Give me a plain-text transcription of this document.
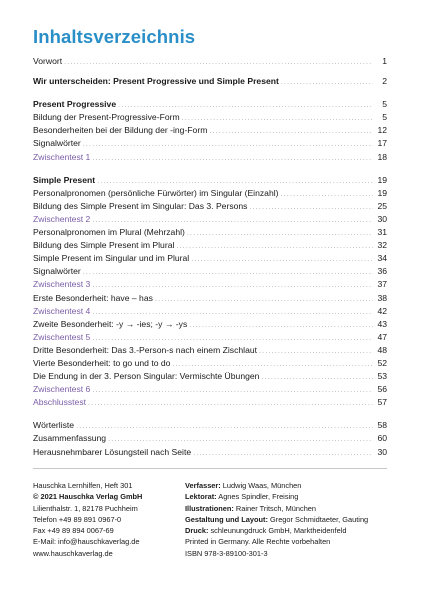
Inhaltsverzeichnis
Vorwort .....	1
Wir unterscheiden: Present Progressive und Simple Present .....	2
Present Progressive .....	5
Bildung der Present-Progressive-Form .....	5
Besonderheiten bei der Bildung der -ing-Form .....	12
Signalwörter .....	17
Zwischentest 1 .....	18
Simple Present .....	19
Personalpronomen (persönliche Fürwörter) im Singular (Einzahl) .....	19
Bildung des Simple Present im Singular: Das 3. Persons .....	25
Zwischentest 2 .....	30
Personalpronomen im Plural (Mehrzahl) .....	31
Bildung des Simple Present im Plural .....	32
Simple Present im Singular und im Plural .....	34
Signalwörter .....	36
Zwischentest 3 .....	37
Erste Besonderheit: have – has .....	38
Zwischentest 4 .....	42
Zweite Besonderheit: -y → -ies; -y → -ys .....	43
Zwischentest 5 .....	47
Dritte Besonderheit: Das 3.-Person-s nach einem Zischlaut .....	48
Vierte Besonderheit: to go und to do .....	52
Die Endung in der 3. Person Singular: Vermischte Übungen .....	53
Zwischentest 6 .....	56
Abschlusstest .....	57
Wörterliste .....	58
Zusammenfassung .....	60
Herausnehmbarer Lösungsteil nach Seite .....	30
Hauschka Lernhilfen, Heft 301
© 2021 Hauschka Verlag GmbH
Lilienthalstr. 1, 82178 Puchheim
Telefon +49 89 891 0967-0
Fax +49 89 894 0067-69
E-Mail: info@hauschkaverlag.de
www.hauschkaverlag.de
Verfasser: Ludwig Waas, München
Lektorat: Agnes Spindler, Freising
Illustrationen: Rainer Tritsch, München
Gestaltung und Layout: Gregor Schmidtaeter, Gauting
Druck: schleunungdruck GmbH, Marktheidenfeld
Printed in Germany. Alle Rechte vorbehalten
ISBN 978-3-89100-301-3
